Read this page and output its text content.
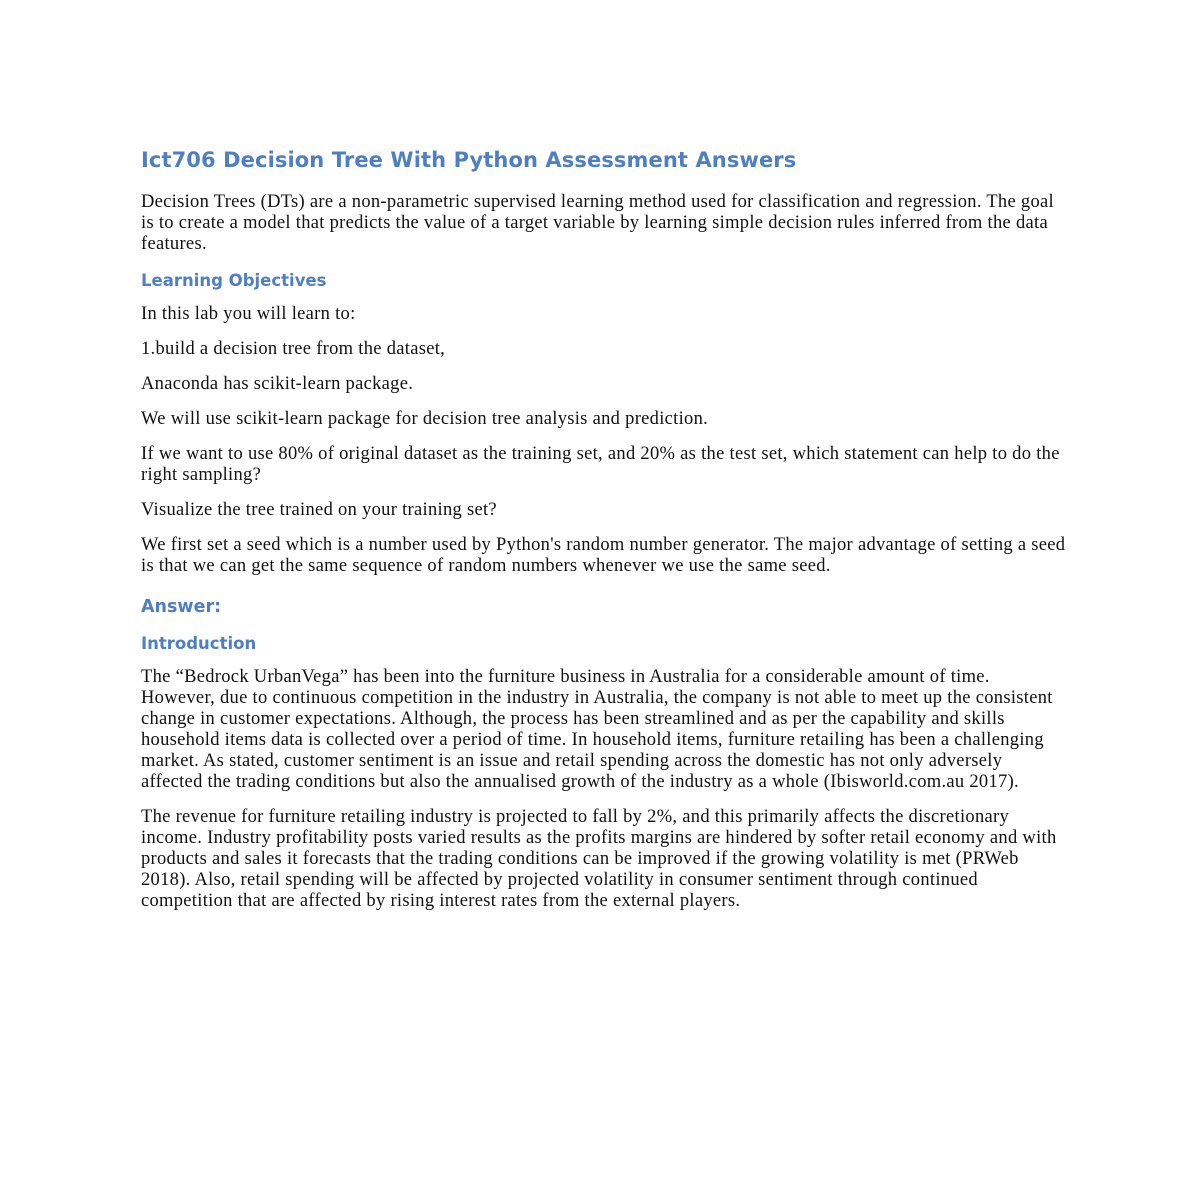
Ict706 Decision Tree With Python Assessment Answers
Decision Trees (DTs) are a non-parametric supervised learning method used for classification and regression. The goal is to create a model that predicts the value of a target variable by learning simple decision rules inferred from the data features.
Learning Objectives
In this lab you will learn to:
1.build a decision tree from the dataset,
Anaconda has scikit-learn package.
We will use scikit-learn package for decision tree analysis and prediction.
If we want to use 80% of original dataset as the training set, and 20% as the test set, which statement can help to do the right sampling?
Visualize the tree trained on your training set?
We first set a seed which is a number used by Python's random number generator. The major advantage of setting a seed is that we can get the same sequence of random numbers whenever we use the same seed.
Answer:
Introduction
The “Bedrock UrbanVega” has been into the furniture business in Australia for a considerable amount of time. However, due to continuous competition in the industry in Australia, the company is not able to meet up the consistent change in customer expectations. Although, the process has been streamlined and as per the capability and skills household items data is collected over a period of time. In household items, furniture retailing has been a challenging market. As stated, customer sentiment is an issue and retail spending across the domestic has not only adversely affected the trading conditions but also the annualised growth of the industry as a whole (Ibisworld.com.au 2017).
The revenue for furniture retailing industry is projected to fall by 2%, and this primarily affects the discretionary income. Industry profitability posts varied results as the profits margins are hindered by softer retail economy and with products and sales it forecasts that the trading conditions can be improved if the growing volatility is met (PRWeb 2018). Also, retail spending will be affected by projected volatility in consumer sentiment through continued competition that are affected by rising interest rates from the external players.
